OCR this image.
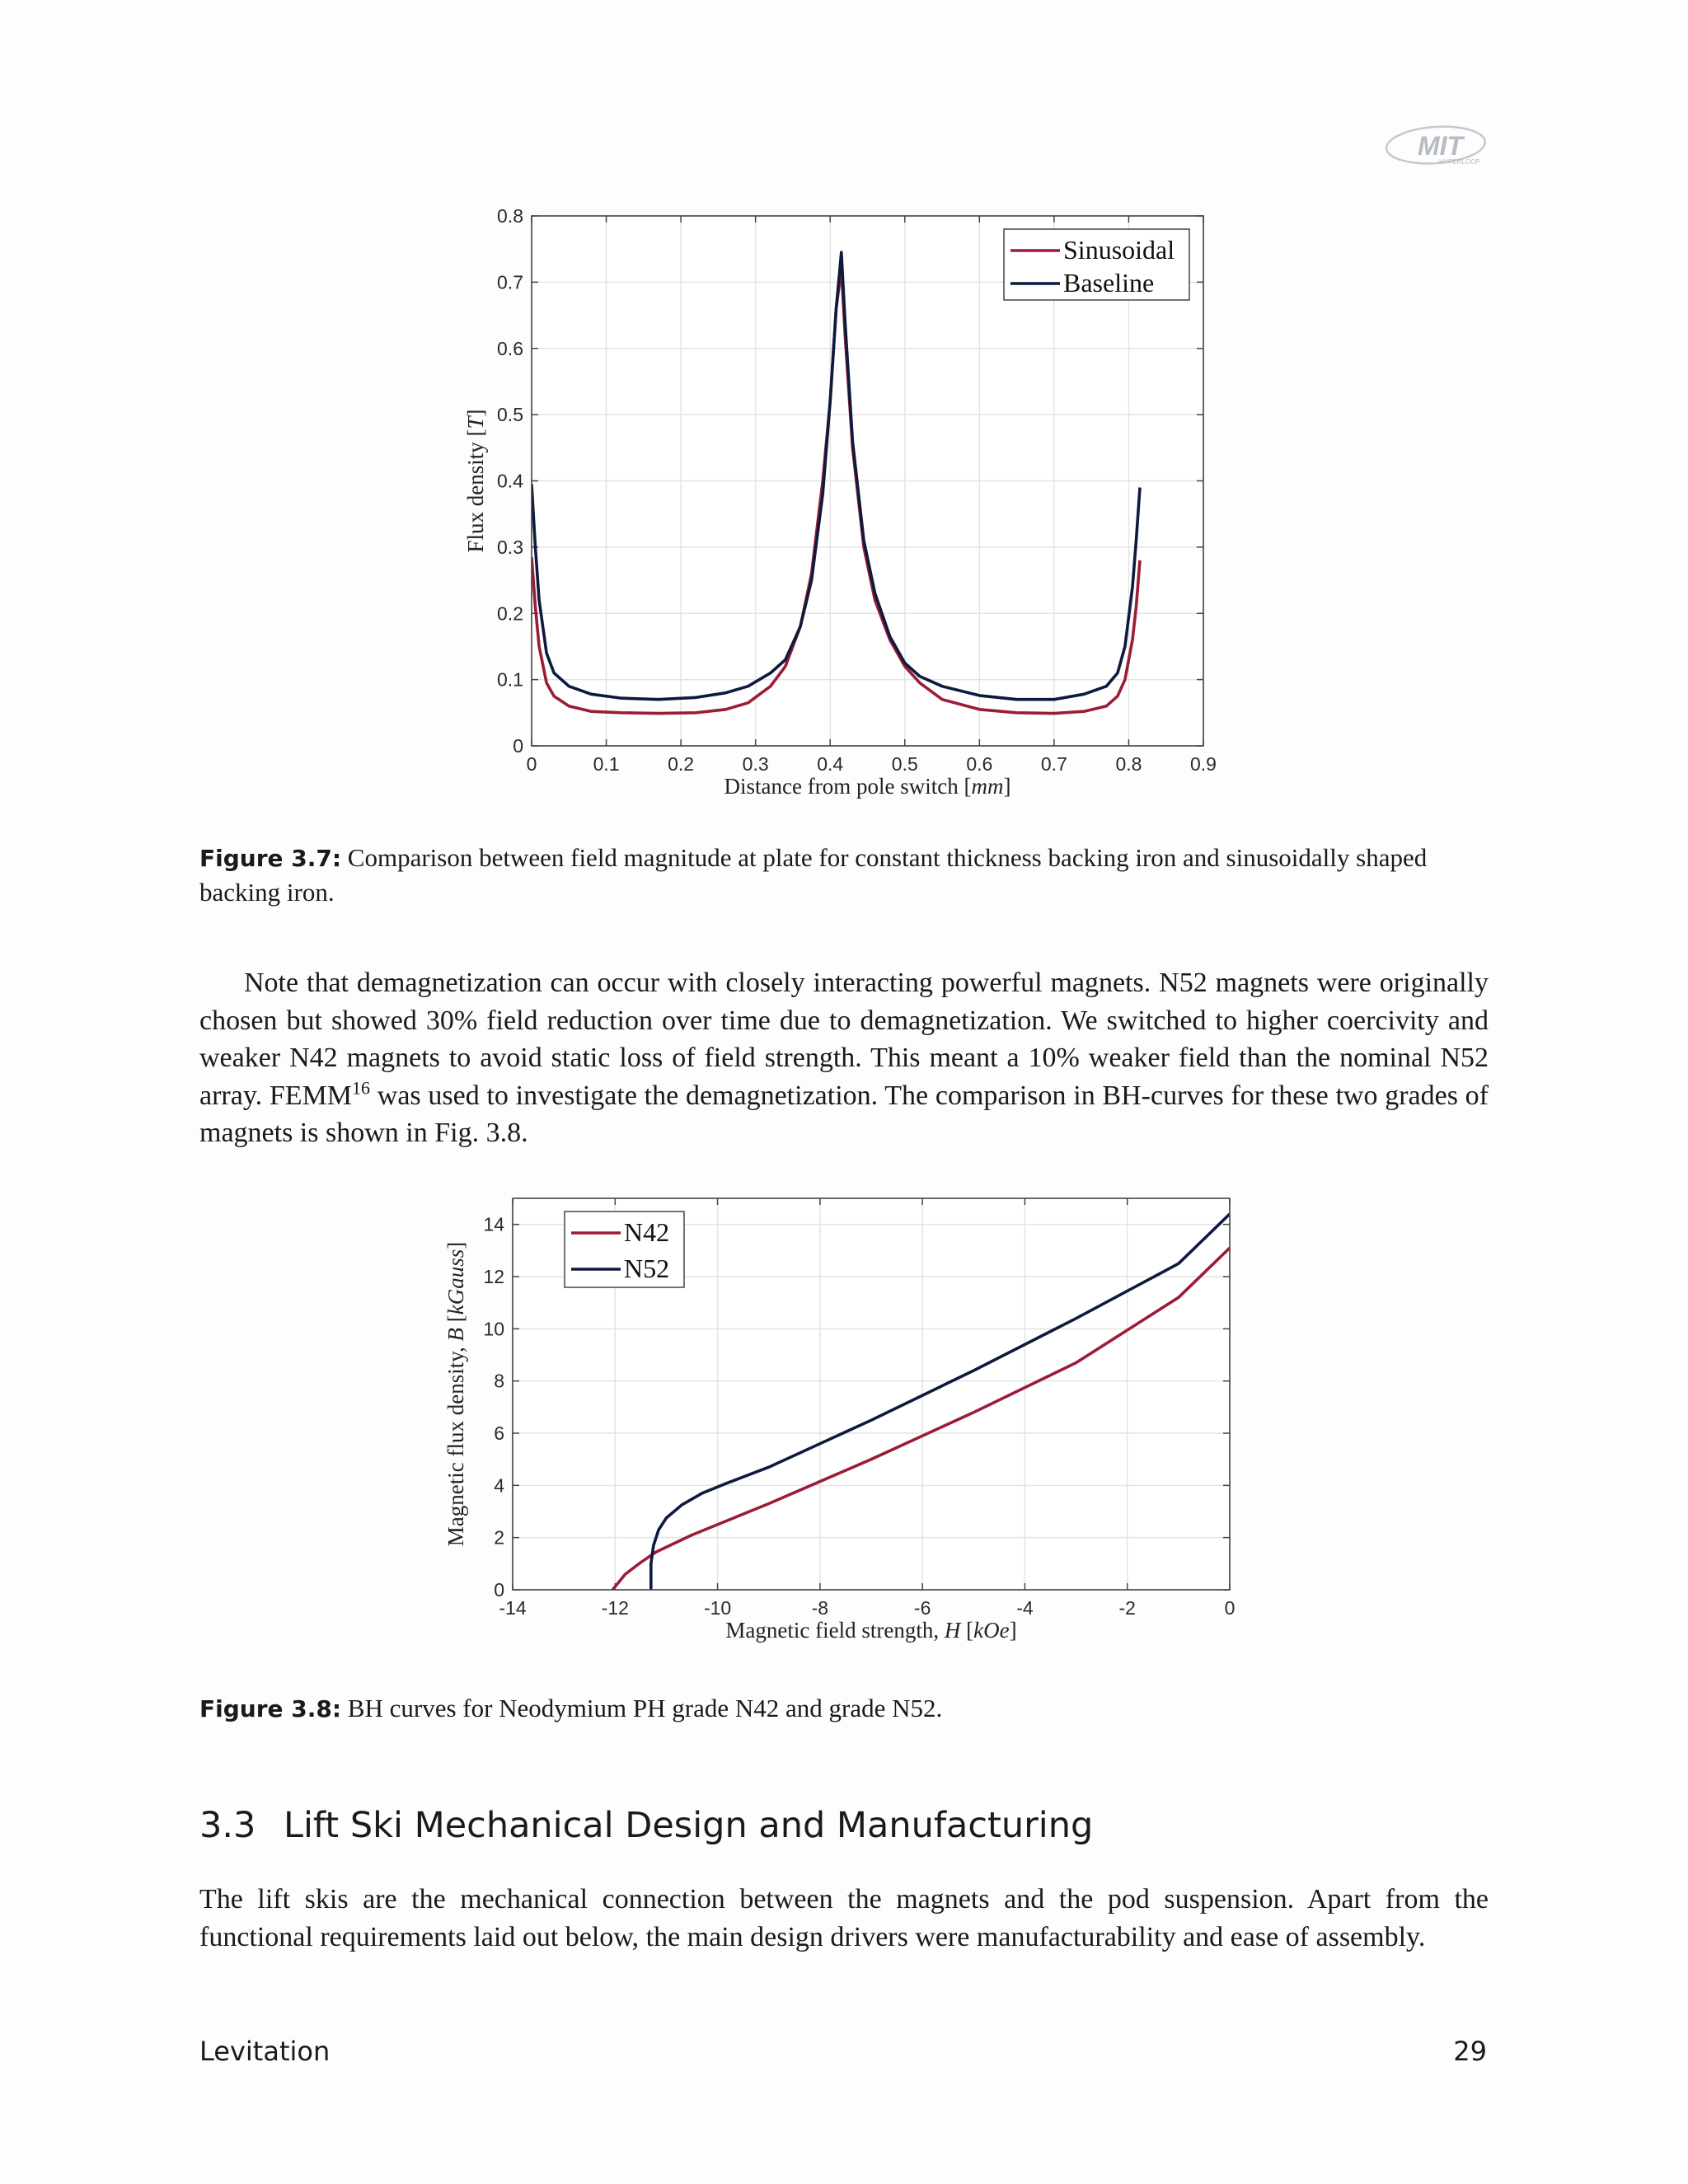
MIT
HYPERLOOP
0	0.1	0.2	0.3	0.4	0.5	0.6	0.7	0.8	0.9
0
0.1
0.2
0.3
0.4
0.5
0.6
0.7
0.8
Sinusoidal
Baseline
Distance from pole switch [mm]
Flux density [T]
Figure 3.7: Comparison between field magnitude at plate for constant thickness backing iron and sinusoidally shaped backing iron.
Note that demagnetization can occur with closely interacting powerful magnets. N52 magnets were originally chosen but showed 30% field reduction over time due to demagnetization. We switched to higher coercivity and weaker N42 magnets to avoid static loss of field strength. This meant a 10% weaker field than the nominal N52 array. FEMM$^{16}$ was used to investigate the demagnetization. The comparison in BH-curves for these two grades of magnets is shown in Fig. 3.8.
-14	-12	-10	-8	-6	-4	-2	0
0
2
4
6
8
10
12
14	N42
N52
Magnetic field strength, H [kOe]
Magnetic flux density, B [kGauss]
Figure 3.8: BH curves for Neodymium PH grade N42 and grade N52.
3.3 Lift Ski Mechanical Design and Manufacturing
The lift skis are the mechanical connection between the magnets and the pod suspension. Apart from the functional requirements laid out below, the main design drivers were manufacturability and ease of assembly.
Levitation	29
